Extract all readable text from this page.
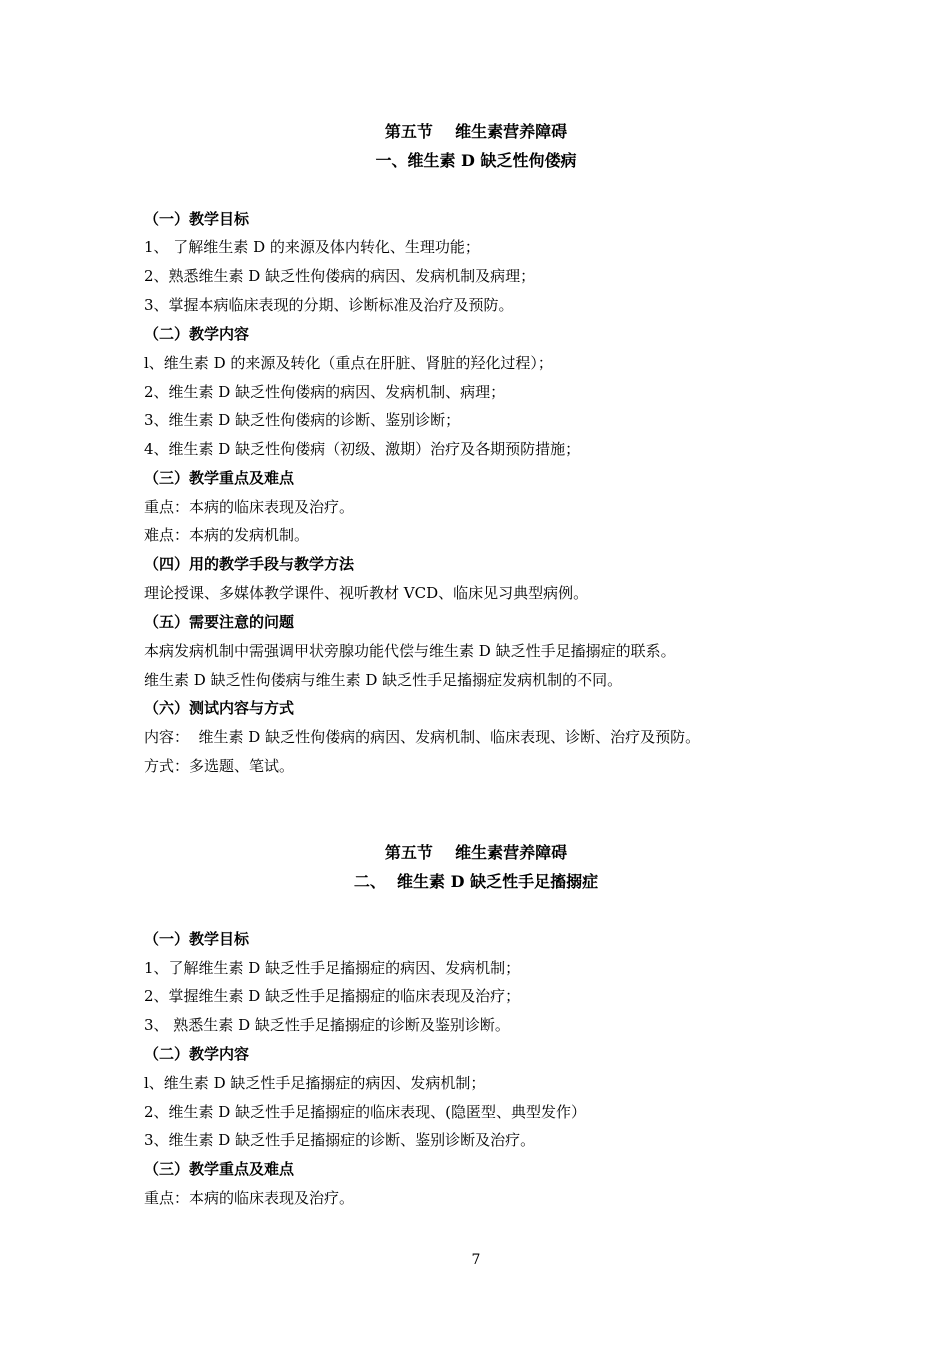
第五节    维生素营养障碍
一、维生素 D 缺乏性佝偻病
（一）教学目标
1、 了解维生素 D 的来源及体内转化、生理功能；
2、熟悉维生素 D 缺乏性佝偻病的病因、发病机制及病理；
3、掌握本病临床表现的分期、诊断标准及治疗及预防。
（二）教学内容
l、维生素 D 的来源及转化（重点在肝脏、肾脏的羟化过程）；
2、维生素 D 缺乏性佝偻病的病因、发病机制、病理；
3、维生素 D 缺乏性佝偻病的诊断、鉴别诊断；
4、维生素 D 缺乏性佝偻病（初级、激期）治疗及各期预防措施；
（三）教学重点及难点
重点：本病的临床表现及治疗。
难点：本病的发病机制。
（四）用的教学手段与教学方法
理论授课、多媒体教学课件、视听教材 VCD、临床见习典型病例。
（五）需要注意的问题
本病发病机制中需强调甲状旁腺功能代偿与维生素 D 缺乏性手足搐搦症的联系。
维生素 D 缺乏性佝偻病与维生素 D 缺乏性手足搐搦症发病机制的不同。
（六）测试内容与方式
内容：  维生素 D 缺乏性佝偻病的病因、发病机制、临床表现、诊断、治疗及预防。
方式：多选题、笔试。
第五节    维生素营养障碍
二、  维生素 D 缺乏性手足搐搦症
（一）教学目标
1、了解维生素 D 缺乏性手足搐搦症的病因、发病机制；
2、掌握维生素 D 缺乏性手足搐搦症的临床表现及治疗；
3、 熟悉生素 D 缺乏性手足搐搦症的诊断及鉴别诊断。
（二）教学内容
l、维生素 D 缺乏性手足搐搦症的病因、发病机制；
2、维生素 D 缺乏性手足搐搦症的临床表现、(隐匿型、典型发作）
3、维生素 D 缺乏性手足搐搦症的诊断、鉴别诊断及治疗。
（三）教学重点及难点
重点：本病的临床表现及治疗。
7
